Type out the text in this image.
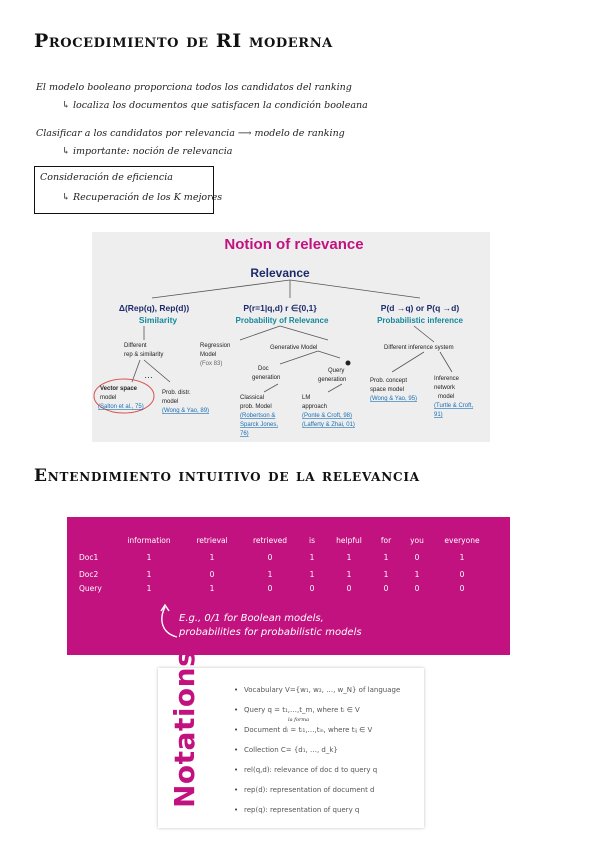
Procedimiento de RI moderna
El modelo booleano proporciona todos los candidatos del ranking
↳ localiza los documentos que satisfacen la condición booleana
Clasificar a los candidatos por relevancia ⟶ modelo de ranking
↳ importante: noción de relevancia
Consideración de eficiencia
↳ Recuperación de los K mejores
Notion of relevance
Relevance
Δ(Rep(q), Rep(d))
Similarity
P(r=1|q,d) r ∈{0,1}
Probability of Relevance
P(d →q) or P(q →d)
Probabilistic inference
Different
rep & similarity
Regression
Model
(Fox 83)
Generative Model	Different inference system
…
Vector space
model
(Salton et al., 75)
Prob. distr.
model
(Wong & Yao, 89)
Doc
generation
Query
generation
Classical
prob. Model
(Robertson &
Sparck Jones,
76)
LM
approach
(Ponte & Croft, 98)
(Lafferty & Zhai, 01)
Prob. concept
space model
(Wong & Yao, 95)
Inference
network
model
(Turtle & Croft,
91)
Entendimiento intuitivo de la relevancia
information	retrieval	retrieved	is	helpful	for	you	everyone
Doc1	1	1	0	1	1	1	0	1
Doc2	1	0	1	1	1	1	1	0
Query	1	1	0	0	0	0	0	0
E.g., 0/1 for Boolean models,
probabilities for probabilistic models
Notations
•	Vocabulary V={w₁, w₂, …, w_N} of language
• Query q = t₁,…,t_m, where tᵢ ∈ V
la forma
• Document dᵢ = tᵢ₁,…,tᵢₙ, where tᵢⱼ ∈ V
• Collection C= {d₁, …, d_k}
• rel(q,d): relevance of doc d to query q
• rep(d): representation of document d
• rep(q): representation of query q
